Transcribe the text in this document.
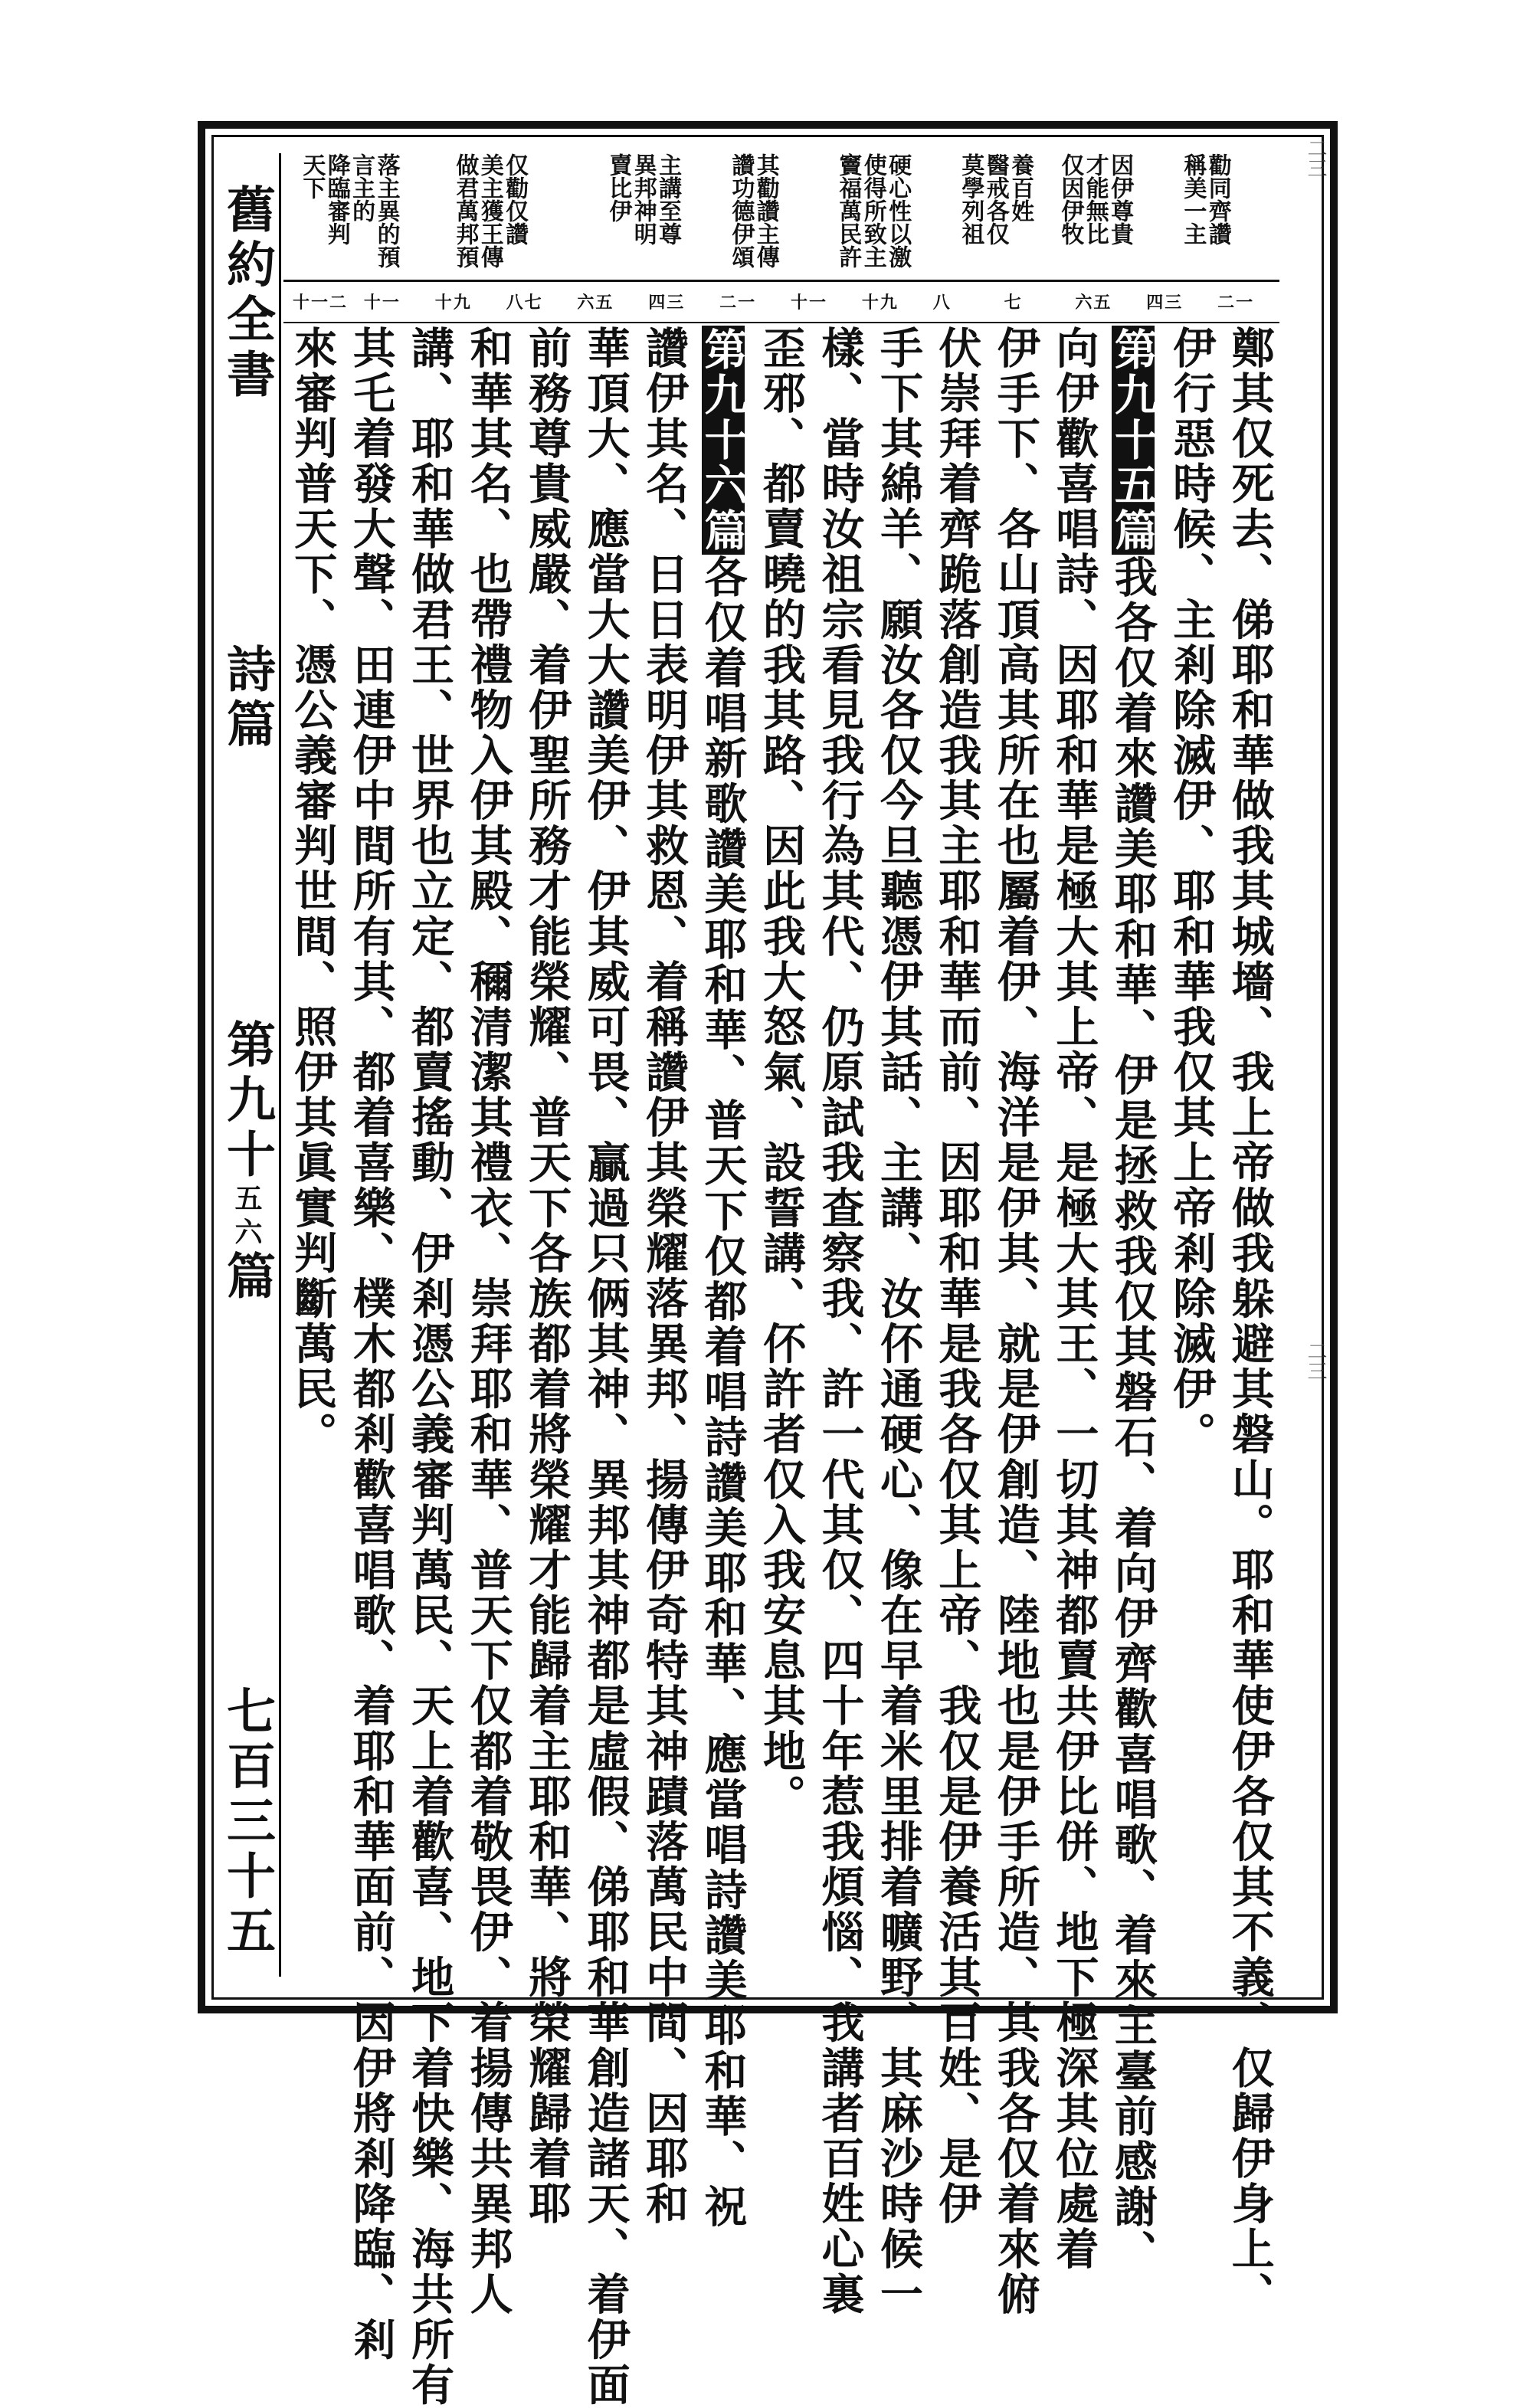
二三
二三
舊約全書
詩篇
第九十五六篇
七百三十五
勸同齊讚
稱美一主
因伊尊貴
才能無比
仅因伊牧
養百姓
醫戒各仅
莫學列祖
硬心性以激
使得所致主
竇福萬民許
其勸讚主傳
讚功德伊頌
主講至尊
異邦神明
賣比伊
仅勸仅讚
美主獲王傳
做君萬邦預
落主異的預
言主的
降臨審判
天下
十一二 十一 十九 八七 六五 四三 二一 十一 十九 八	七	六五 四三 二一
鄭其仅死去、俤耶和華做我其城墻、我上帝做我躲避其磐山。耶和華使伊各仅其不義、仅歸伊身上、
伊行惡時候、主剎除滅伊、耶和華我仅其上帝剎除滅伊。
第九十五篇我各仅着來讚美耶和華、伊是拯救我仅其磐石、着向伊齊歡喜唱歌、着來主臺前感謝、
向伊歡喜唱詩、因耶和華是極大其上帝、是極大其王、一切其神都賣共伊比併、地下極深其位處着
伊手下、各山頂高其所在也屬着伊、海洋是伊其、就是伊創造、陸地也是伊手所造、其我各仅着來俯
伏崇拜着齊跪落創造我其主耶和華而前、因耶和華是我各仅其上帝、我仅是伊養活其百姓、是伊
手下其綿羊、願汝各仅今旦聽憑伊其話、主講、汝伓通硬心、像在早着米里排着曠野、其麻沙時候一
樣、當時汝祖宗看見我行為其代、仍原試我查察我、許一代其仅、四十年惹我煩惱、我講者百姓心裏
歪邪、都賣曉的我其路、因此我大怒氣、設誓講、伓許者仅入我安息其地。
第九十六篇各仅着唱新歌讚美耶和華、普天下仅都着唱詩讚美耶和華、應當唱詩讚美耶和華、祝
讚伊其名、日日表明伊其救恩、着稱讚伊其榮耀落異邦、揚傳伊奇特其神蹟落萬民中間、因耶和
華頂大、應當大大讚美伊、伊其威可畏、贏過只俩其神、異邦其神都是虛假、俤耶和華創造諸天、着伊面
前務尊貴威嚴、着伊聖所務才能榮耀、普天下各族都着將榮耀才能歸着主耶和華、將榮耀歸着耶
和華其名、也帶禮物入伊其殿、穪清潔其禮衣、崇拜耶和華、普天下仅都着敬畏伊、着揚傳共異邦人
講、耶和華做君王、世界也立定、都賣搖動、伊剎憑公義審判萬民、天上着歡喜、地下着快樂、海共所有
其乇着發大聲、田連伊中間所有其、都着喜樂、樸木都剎歡喜唱歌、着耶和華面前、因伊將剎降臨、剎
來審判普天下、憑公義審判世間、照伊其眞實判斷萬民。
